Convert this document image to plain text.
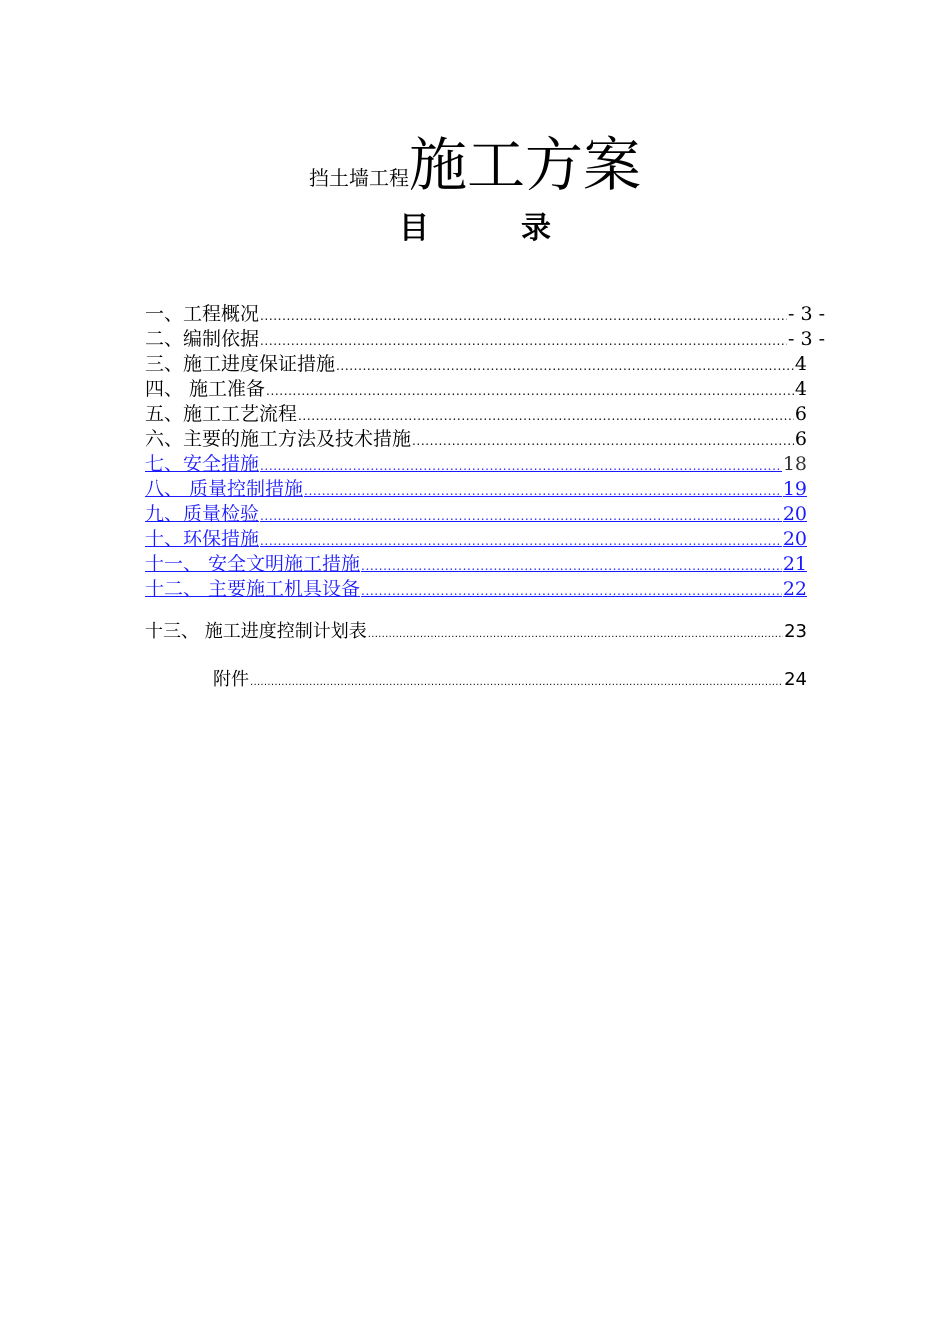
挡土墙工程施工方案
目	录
一、工程概况 .....	- 3 -
二、编制依据 .....	- 3 -
三、施工进度保证措施 .....	4
四、 施工准备 .....	4
五、施工工艺流程 .....	6
六、主要的施工方法及技术措施 .....	6
七、安全措施 .....	18
八、 质量控制措施 .....	19
九、质量检验 .....	20
十、环保措施 .....	20
十一、 安全文明施工措施 .....	21
十二、 主要施工机具设备 .....	22
十三、 施工进度控制计划表 .....	23
附件 .....	24
